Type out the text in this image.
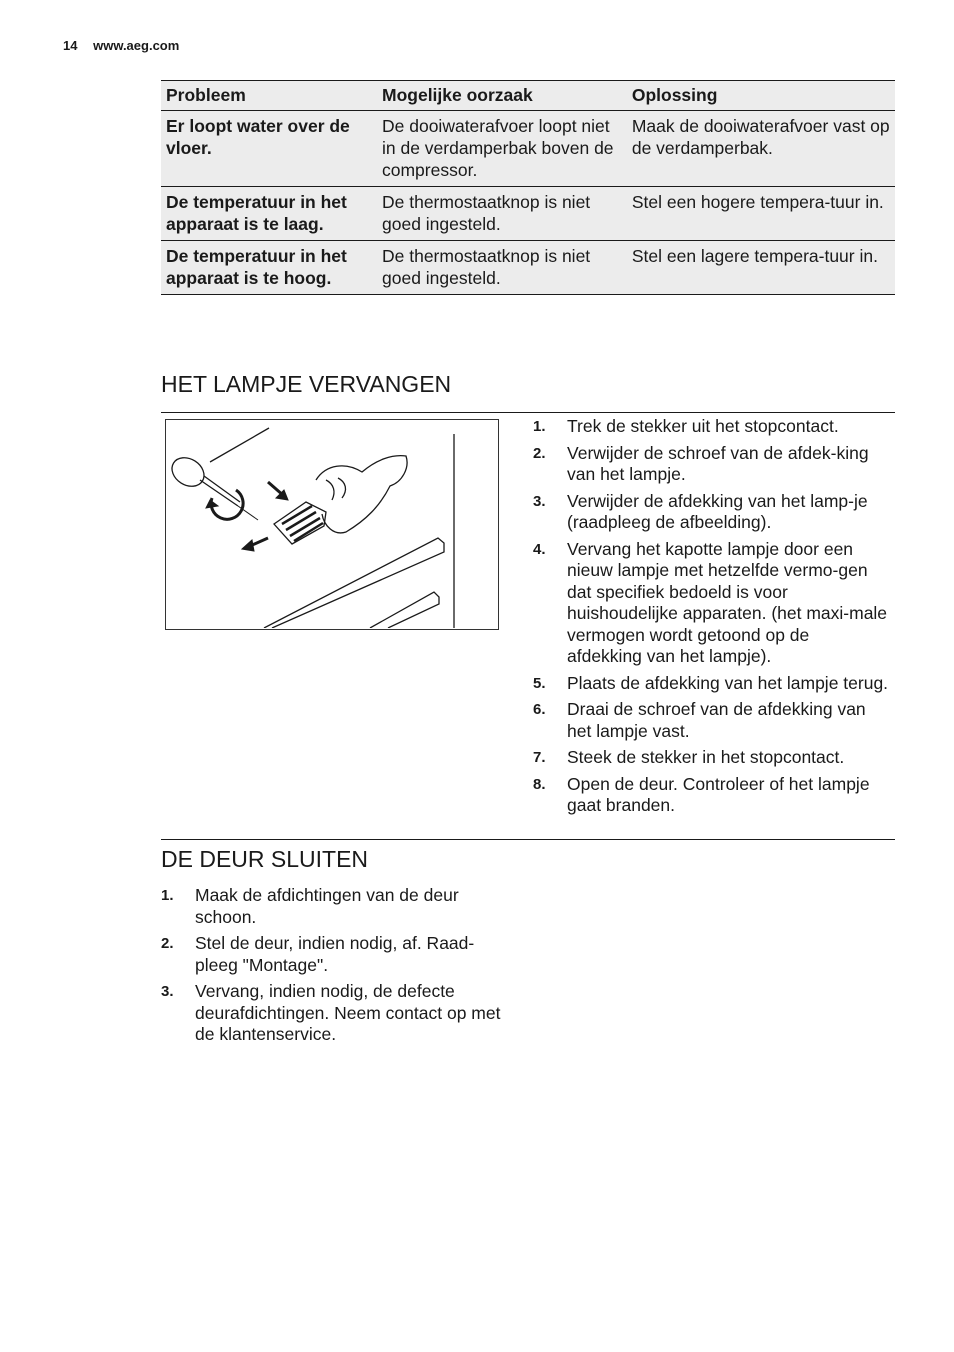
14 www.aeg.com
Probleem	Mogelijke oorzaak	Oplossing
Er loopt water over de vloer.	De dooiwaterafvoer loopt niet in de verdamperbak boven de compressor.	Maak de dooiwaterafvoer vast op de verdamperbak.
De temperatuur in het apparaat is te laag.	De thermostaatknop is niet goed ingesteld.	Stel een hogere tempera-tuur in.
De temperatuur in het apparaat is te hoog.	De thermostaatknop is niet goed ingesteld.	Stel een lagere tempera-tuur in.
HET LAMPJE VERVANGEN
1. Trek de stekker uit het stopcontact.
2. Verwijder de schroef van de afdek-king van het lampje.
3. Verwijder de afdekking van het lamp-je (raadpleeg de afbeelding).
4. Vervang het kapotte lampje door een nieuw lampje met hetzelfde vermo-gen dat specifiek bedoeld is voor huishoudelijke apparaten. (het maxi-male vermogen wordt getoond op de afdekking van het lampje).
5. Plaats de afdekking van het lampje terug.
6. Draai de schroef van de afdekking van het lampje vast.
7. Steek de stekker in het stopcontact.
8. Open de deur. Controleer of het lampje gaat branden.
DE DEUR SLUITEN
1. Maak de afdichtingen van de deur schoon.
2. Stel de deur, indien nodig, af. Raad-pleeg "Montage".
3. Vervang, indien nodig, de defecte deurafdichtingen. Neem contact op met de klantenservice.
